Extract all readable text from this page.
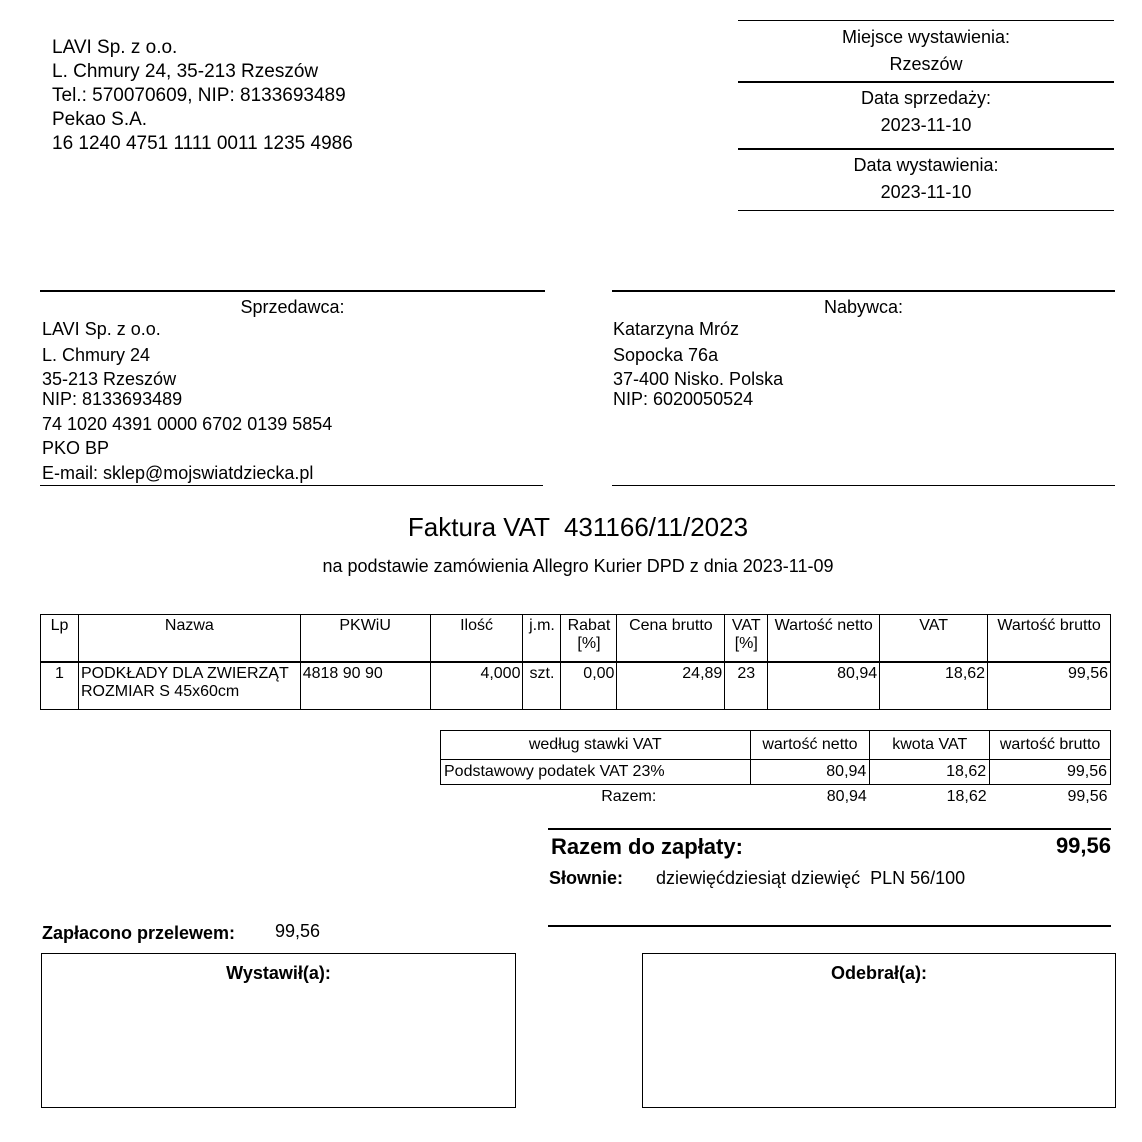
LAVI Sp. z o.o.
L. Chmury 24, 35-213 Rzeszów
Tel.: 570070609, NIP: 8133693489
Pekao S.A.
16 1240 4751 1111 0011 1235 4986
Miejsce wystawienia:
Rzeszów
Data sprzedaży:
2023-11-10
Data wystawienia:
2023-11-10
Sprzedawca:
LAVI Sp. z o.o.
L. Chmury 24
35-213 Rzeszów
NIP: 8133693489
74 1020 4391 0000 6702 0139 5854
PKO BP
E-mail: sklep@mojswiatdziecka.pl
Nabywca:
Katarzyna Mróz
Sopocka 76a
37-400 Nisko. Polska
NIP: 6020050524
Faktura VAT  431166/11/2023
na podstawie zamówienia Allegro Kurier DPD z dnia 2023-11-09
Lp	Nazwa	PKWiU	Ilość	j.m.	Rabat [%]	Cena brutto	VAT [%]	Wartość netto	VAT	Wartość brutto
1	PODKŁADY DLA ZWIERZĄT ROZMIAR S 45x60cm	4818 90 90	4,000	szt.	0,00	24,89	23	80,94	18,62	99,56
według stawki VAT	wartość netto	kwota VAT	wartość brutto
Podstawowy podatek VAT 23%	80,94	18,62	99,56
Razem:	80,94	18,62	99,56
Razem do zapłaty:	99,56
Słownie: dziewięćdziesiąt dziewięć  PLN 56/100
Zapłacono przelewem: 99,56
Wystawił(a):	Odebrał(a):
